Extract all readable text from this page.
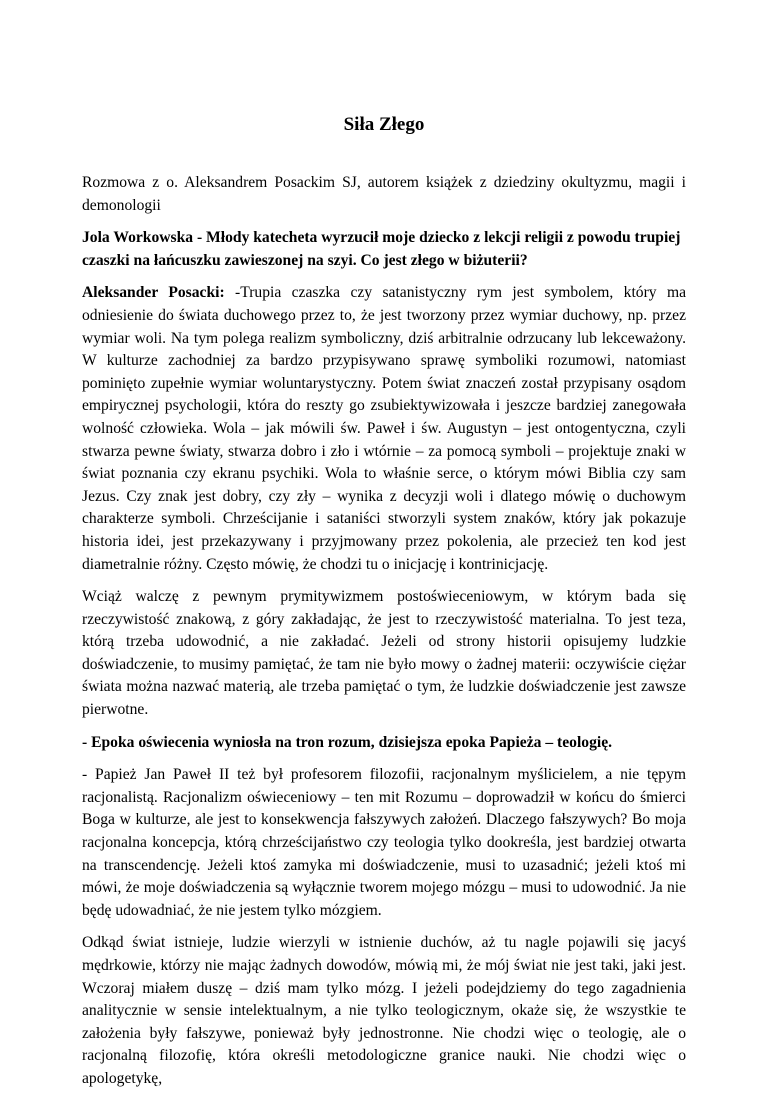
Siła Złego

Rozmowa z o. Aleksandrem Posackim SJ, autorem książek z dziedziny okultyzmu, magii i demonologii

Jola Workowska - Młody katecheta wyrzucił moje dziecko z lekcji religii z powodu trupiej czaszki na łańcuszku zawieszonej na szyi. Co jest złego w biżuterii?

Aleksander Posacki: -Trupia czaszka czy satanistyczny rym jest symbolem, który ma odniesienie do świata duchowego przez to, że jest tworzony przez wymiar duchowy, np. przez wymiar woli. Na tym polega realizm symboliczny, dziś arbitralnie odrzucany lub lekceważony. W kulturze zachodniej za bardzo przypisywano sprawę symboliki rozumowi, natomiast pominięto zupełnie wymiar woluntarystyczny. Potem świat znaczeń został przypisany osądom empirycznej psychologii, która do reszty go zsubiektywizowała i jeszcze bardziej zanegowała wolność człowieka. Wola – jak mówili św. Paweł i św. Augustyn – jest ontogentyczna, czyli stwarza pewne światy, stwarza dobro i zło i wtórnie – za pomocą symboli – projektuje znaki w świat poznania czy ekranu psychiki. Wola to właśnie serce, o którym mówi Biblia czy sam Jezus. Czy znak jest dobry, czy zły – wynika z decyzji woli i dlatego mówię o duchowym charakterze symboli. Chrześcijanie i sataniści stworzyli system znaków, który jak pokazuje historia idei, jest przekazywany i przyjmowany przez pokolenia, ale przecież ten kod jest diametralnie różny. Często mówię, że chodzi tu o inicjację i kontrinicjację.

Wciąż walczę z pewnym prymitywizmem postoświeceniowym, w którym bada się rzeczywistość znakową, z góry zakładając, że jest to rzeczywistość materialna. To jest teza, którą trzeba udowodnić, a nie zakładać. Jeżeli od strony historii opisujemy ludzkie doświadczenie, to musimy pamiętać, że tam nie było mowy o żadnej materii: oczywiście ciężar świata można nazwać materią, ale trzeba pamiętać o tym, że ludzkie doświadczenie jest zawsze pierwotne.

- Epoka oświecenia wyniosła na tron rozum, dzisiejsza epoka Papieża – teologię.

- Papież Jan Paweł II też był profesorem filozofii, racjonalnym myślicielem, a nie tępym racjonalistą. Racjonalizm oświeceniowy – ten mit Rozumu – doprowadził w końcu do śmierci Boga w kulturze, ale jest to konsekwencja fałszywych założeń. Dlaczego fałszywych? Bo moja racjonalna koncepcja, którą chrześcijaństwo czy teologia tylko dookreśla, jest bardziej otwarta na transcendencję. Jeżeli ktoś zamyka mi doświadczenie, musi to uzasadnić; jeżeli ktoś mi mówi, że moje doświadczenia są wyłącznie tworem mojego mózgu – musi to udowodnić. Ja nie będę udowadniać, że nie jestem tylko mózgiem.

Odkąd świat istnieje, ludzie wierzyli w istnienie duchów, aż tu nagle pojawili się jacyś mędrkowie, którzy nie mając żadnych dowodów, mówią mi, że mój świat nie jest taki, jaki jest. Wczoraj miałem duszę – dziś mam tylko mózg. I jeżeli podejdziemy do tego zagadnienia analitycznie w sensie intelektualnym, a nie tylko teologicznym, okaże się, że wszystkie te założenia były fałszywe, ponieważ były jednostronne. Nie chodzi więc o teologię, ale o racjonalną filozofię, która określi metodologiczne granice nauki. Nie chodzi więc o apologetykę,
